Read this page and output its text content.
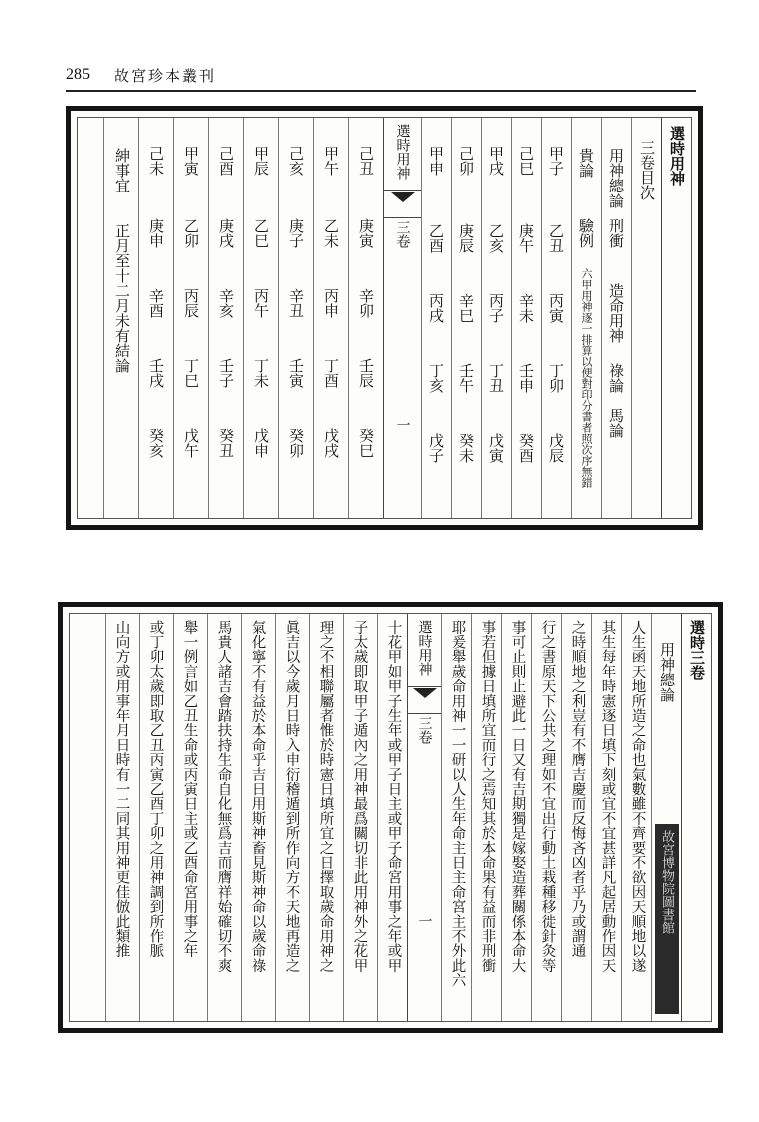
285 故宮珍本叢刊
選時用神
三卷目次
用神總論
貴論
刑衝
造命用神
祿論
馬論
驗例
六甲用神逐一排算以便對印分書者照次序無錯
選時用神
三卷
一
甲子
乙丑
丙寅
丁卯
戊辰
己巳
庚午
辛未
壬申
癸酉
甲戌
乙亥
丙子
丁丑
戊寅
己卯
庚辰
辛巳
壬午
癸未
甲申
乙酉
丙戌
丁亥
戊子
己丑
庚寅
辛卯
壬辰
癸巳
甲午
乙未
丙申
丁酉
戊戌
己亥
庚子
辛丑
壬寅
癸卯
甲辰
乙巳
丙午
丁未
戊申
己酉
庚戌
辛亥
壬子
癸丑
甲寅
乙卯
丙辰
丁巳
戊午
己未
庚申
辛酉
壬戌
癸亥
紳事宜
正月至十二月未有結論
選時三卷
用神總論
故宮博物院圖書館
人生函天地所造之命也氣數雖不齊要不欲因天順地以遂
其生每年時憲逐日填下刻或宜不宜甚詳凡起居動作因天
之時順地之利豈有不膺吉慶而反悔吝凶者乎乃或謂通
行之書原天下公共之理如不宜出行動土栽種移徙針灸等
事可止則止避此一日又有吉期獨是嫁娶造葬關係本命大
事若但據日填所宜而行之焉知其於本命果有益而非刑衝
耶爰舉歲命用神一一研以人生年命主日主命宮主不外此六
選時用神
三卷
一
十花甲如甲子生年或甲子日主或甲子命宮用事之年或甲
子太歲即取甲子遁內之用神最爲關切非此用神外之花甲
理之不相聯屬者惟於時憲日填所宜之日擇取歲命用神之
眞吉以今歲月日時入申衍稽遁到所作向方不天地再造之
氣化寧不有益於本命乎吉日用斯神畜見斯神命以歲命祿
馬貴人諸吉會踏扶持生命自化無爲吉而膺祥始確切不爽
舉一例言如乙丑生命或丙寅日主或乙酉命宮用事之年
或丁卯太歲即取乙丑丙寅乙酉丁卯之用神調到所作脈
山向方或用事年月日時有一二同其用神更佳倣此類推
